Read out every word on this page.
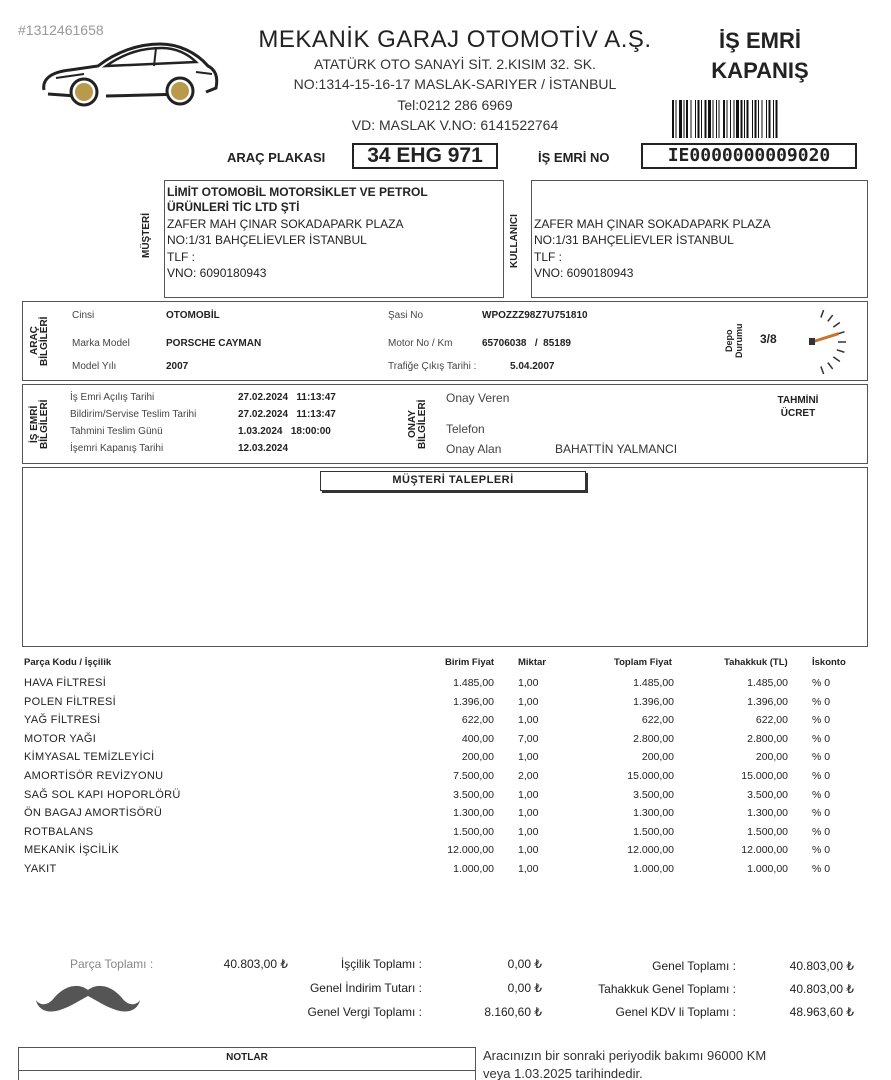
#1312461658	MEKANİK GARAJ OTOMOTİV A.Ş.
ATATÜRK OTO SANAYİ SİT. 2.KISIM 32. SK.
NO:1314-15-16-17 MASLAK-SARIYER / İSTANBUL
Tel:0212 286 6969
VD: MASLAK V.NO: 6141522764
İŞ EMRİ
KAPANIŞ
ARAÇ PLAKASI	34 EHG 971	İŞ EMRİ NO	IE0000000009020
MÜŞTERİ
LİMİT OTOMOBİL MOTORSİKLET VE PETROL
ÜRÜNLERİ TİC LTD ŞTİ
ZAFER MAH ÇINAR SOKADAPARK PLAZA
NO:1/31 BAHÇELİEVLER İSTANBUL
TLF :
VNO: 6090180943
KULLANICI ZAFER MAH ÇINAR SOKADAPARK PLAZA
NO:1/31 BAHÇELİEVLER İSTANBUL
TLF :
VNO: 6090180943
ARAÇ BİLGİLERİ
Cinsi	OTOMOBİL
Marka Model	PORSCHE CAYMAN
Model Yılı	2007
Şasi No	WPOZZZ98Z7U751810
Motor No / Km	65706038   /  85189
Trafiğe Çıkış Tarihi :	5.04.2007
Depo Durumu 3/8
İŞ EMRİ BİLGİLERİ
İş Emri Açılış Tarihi	27.02.2024   11:13:47
Bildirim/Servise Teslim Tarihi	27.02.2024   11:13:47
Tahmini Teslim Günü	1.03.2024   18:00:00
İşemri Kapanış Tarihi	12.03.2024
ONAY BİLGİLERİ
Onay Veren
Telefon
Onay Alan	BAHATTİN YALMANCI
TAHMİNİ
ÜCRET
MÜŞTERİ TALEPLERİ
Parça Kodu / İşçilik	Birim Fiyat	Miktar	Toplam Fiyat	Tahakkuk (TL)	İskonto
HAVA FİLTRESİ	1.485,00 1,00	1.485,00	1.485,00 % 0
POLEN FİLTRESİ	1.396,00 1,00	1.396,00	1.396,00 % 0
YAĞ FİLTRESİ	622,00 1,00	622,00	622,00 % 0
MOTOR YAĞI	400,00 7,00	2.800,00	2.800,00 % 0
KİMYASAL TEMİZLEYİCİ	200,00 1,00	200,00	200,00 % 0
AMORTİSÖR REVİZYONU	7.500,00 2,00	15.000,00	15.000,00 % 0
SAĞ SOL KAPI HOPORLÖRÜ	3.500,00 1,00	3.500,00	3.500,00 % 0
ÖN BAGAJ AMORTİSÖRÜ	1.300,00 1,00	1.300,00	1.300,00 % 0
ROTBALANS	1.500,00 1,00	1.500,00	1.500,00 % 0
MEKANİK İŞCİLİK	12.000,00 1,00	12.000,00	12.000,00 % 0
YAKIT	1.000,00 1,00	1.000,00	1.000,00 % 0
Parça Toplamı :	40.803,00 ₺	İşçilik Toplamı :	0,00 ₺
Genel İndirim Tutarı :	0,00 ₺
Genel Vergi Toplamı :	8.160,60 ₺
Genel Toplamı :	40.803,00 ₺
Tahakkuk Genel Toplamı :	40.803,00 ₺
Genel KDV li Toplamı :	48.963,60 ₺
NOTLAR	Aracınızın bir sonraki periyodik bakımı 96000 KM
veya 1.03.2025 tarihindedir.
